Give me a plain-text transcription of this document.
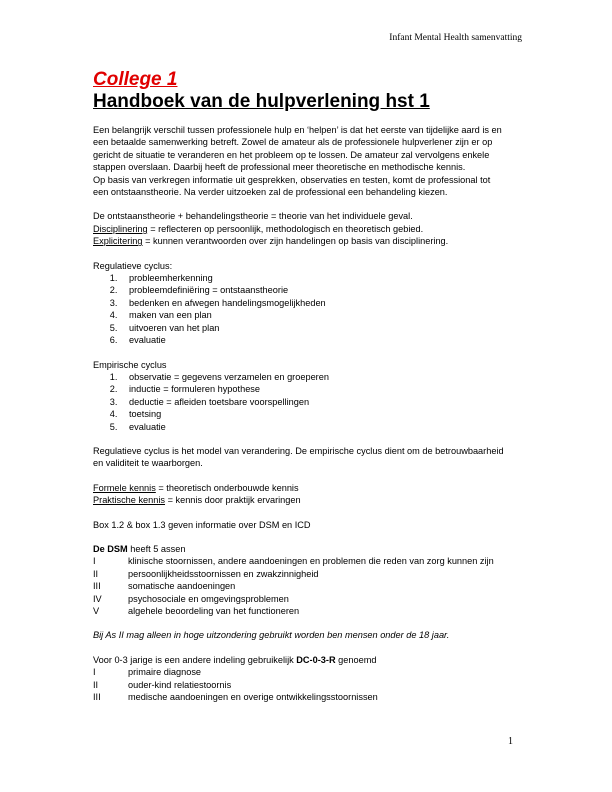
Infant Mental Health samenvatting
College 1
Handboek van de hulpverlening hst 1

Een belangrijk verschil tussen professionele hulp en ‘helpen’ is dat het eerste van tijdelijke aard is en

een betaalde samenwerking betreft. Zowel de amateur als de professionele hulpverlener zijn er op

gericht de situatie te veranderen en het probleem op te lossen. De amateur zal vervolgens enkele

stappen overslaan. Daarbij heeft de professional meer theoretische en methodische kennis.

Op basis van verkregen informatie uit gesprekken, observaties en testen, komt de professional tot

een ontstaanstheorie. Na verder uitzoeken zal de professional een behandeling kiezen.

De ontstaanstheorie + behandelingstheorie = theorie van het individuele geval.

Disciplinering = reflecteren op persoonlijk, methodologisch en theoretisch gebied.

Explicitering = kunnen verantwoorden over zijn handelingen op basis van disciplinering.

Regulatieve cyclus:

1. probleemherkenning
2. probleemdefiniëring = ontstaanstheorie
3. bedenken en afwegen handelingsmogelijkheden
4. maken van een plan
5. uitvoeren van het plan
6. evaluatie

Empirische cyclus

1. observatie = gegevens verzamelen en groeperen
2. inductie = formuleren hypothese
3. deductie = afleiden toetsbare voorspellingen
4. toetsing
5. evaluatie

Regulatieve cyclus is het model van verandering. De empirische cyclus dient om de betrouwbaarheid

en validiteit te waarborgen.

Formele kennis = theoretisch onderbouwde kennis

Praktische kennis = kennis door praktijk ervaringen

Box 1.2 & box 1.3 geven informatie over DSM en ICD

De DSM heeft 5 assen

I	klinische stoornissen, andere aandoeningen en problemen die reden van zorg kunnen zijn
II	persoonlijkheidsstoornissen en zwakzinnigheid
III	somatische aandoeningen
IV	psychosociale en omgevingsproblemen
V	algehele beoordeling van het functioneren

Bij As II mag alleen in hoge uitzondering gebruikt worden ben mensen onder de 18 jaar.

Voor 0-3 jarige is een andere indeling gebruikelijk DC-0-3-R genoemd

I	primaire diagnose
II	ouder-kind relatiestoornis
III	medische aandoeningen en overige ontwikkelingsstoornissen
1
